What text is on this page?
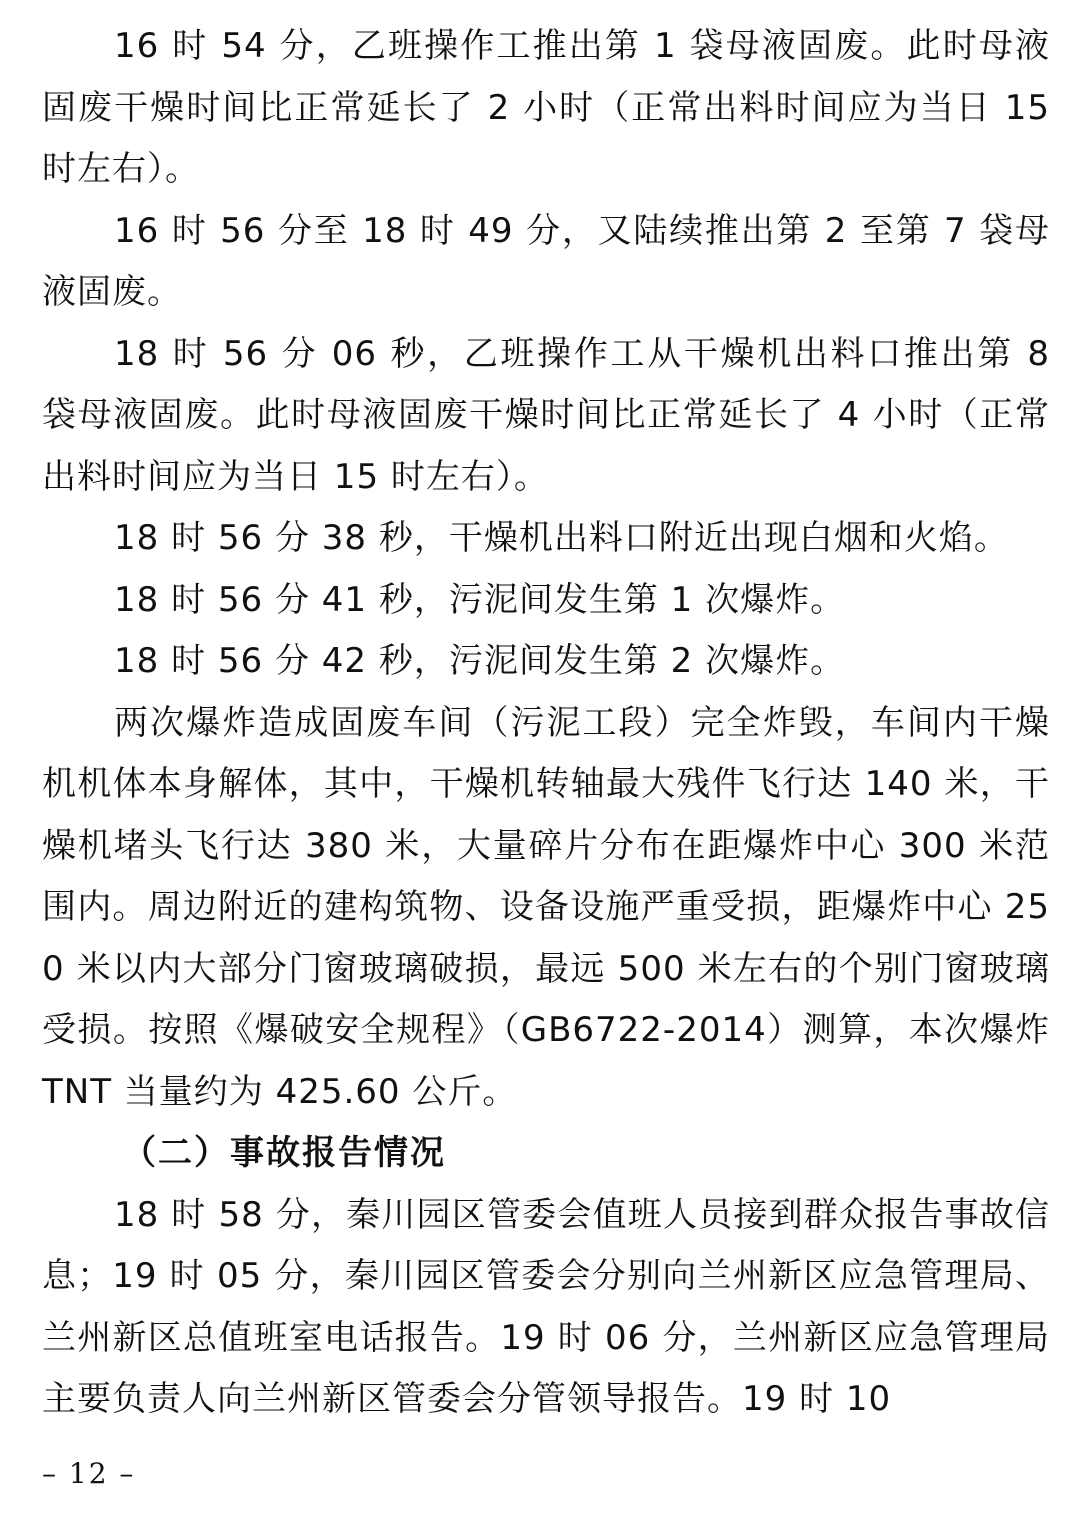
16 时 54 分，乙班操作工推出第 1 袋母液固废。此时母液固废干燥时间比正常延长了 2 小时（正常出料时间应为当日 15 时左右）。

16 时 56 分至 18 时 49 分，又陆续推出第 2 至第 7 袋母液固废。

18 时 56 分 06 秒，乙班操作工从干燥机出料口推出第 8 袋母液固废。此时母液固废干燥时间比正常延长了 4 小时（正常出料时间应为当日 15 时左右）。

18 时 56 分 38 秒，干燥机出料口附近出现白烟和火焰。

18 时 56 分 41 秒，污泥间发生第 1 次爆炸。

18 时 56 分 42 秒，污泥间发生第 2 次爆炸。

两次爆炸造成固废车间（污泥工段）完全炸毁，车间内干燥机机体本身解体，其中，干燥机转轴最大残件飞行达 140 米，干燥机堵头飞行达 380 米，大量碎片分布在距爆炸中心 300 米范围内。周边附近的建构筑物、设备设施严重受损，距爆炸中心 250 米以内大部分门窗玻璃破损，最远 500 米左右的个别门窗玻璃受损。按照《爆破安全规程》（GB6722-2014）测算，本次爆炸 TNT 当量约为 425.60 公斤。

（二）事故报告情况

18 时 58 分，秦川园区管委会值班人员接到群众报告事故信息；19 时 05 分，秦川园区管委会分别向兰州新区应急管理局、兰州新区总值班室电话报告。19 时 06 分，兰州新区应急管理局主要负责人向兰州新区管委会分管领导报告。19 时 10

– 12 –
